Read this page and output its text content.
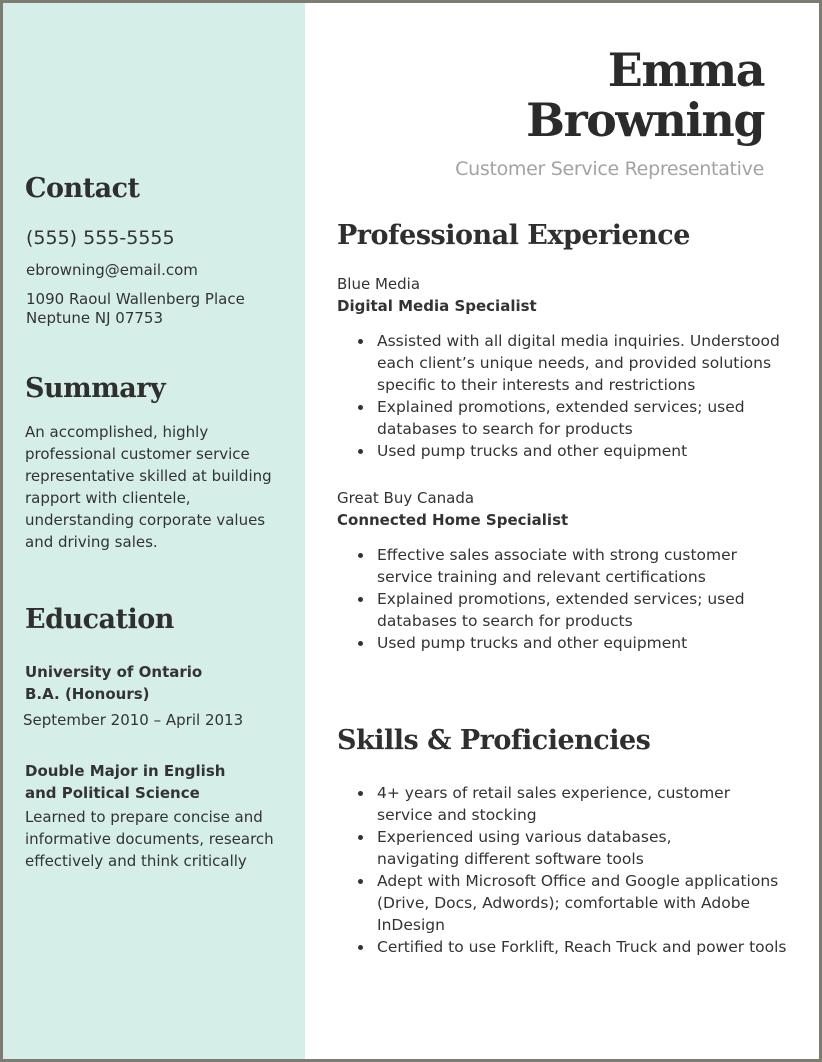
Emma
Browning
Customer Service Representative
Contact
(555) 555-5555
ebrowning@email.com
1090 Raoul Wallenberg Place
Neptune NJ 07753
Summary
An accomplished, highly
professional customer service
representative skilled at building
rapport with clientele,
understanding corporate values
and driving sales.
Education
University of Ontario
B.A. (Honours)
September 2010 – April 2013
Double Major in English
and Political Science
Learned to prepare concise and
informative documents, research
effectively and think critically
Professional Experience
Blue Media
Digital Media Specialist
Assisted with all digital media inquiries. Understood each client’s unique needs, and provided solutions specific to their interests and restrictions
Explained promotions, extended services; used databases to search for products
Used pump trucks and other equipment
Great Buy Canada
Connected Home Specialist
Effective sales associate with strong customer service training and relevant certifications
Explained promotions, extended services; used databases to search for products
Used pump trucks and other equipment
Skills & Proficiencies
4+ years of retail sales experience, customer service and stocking
Experienced using various databases, navigating different software tools
Adept with Microsoft Office and Google applications (Drive, Docs, Adwords); comfortable with Adobe InDesign
Certified to use Forklift, Reach Truck and power tools
